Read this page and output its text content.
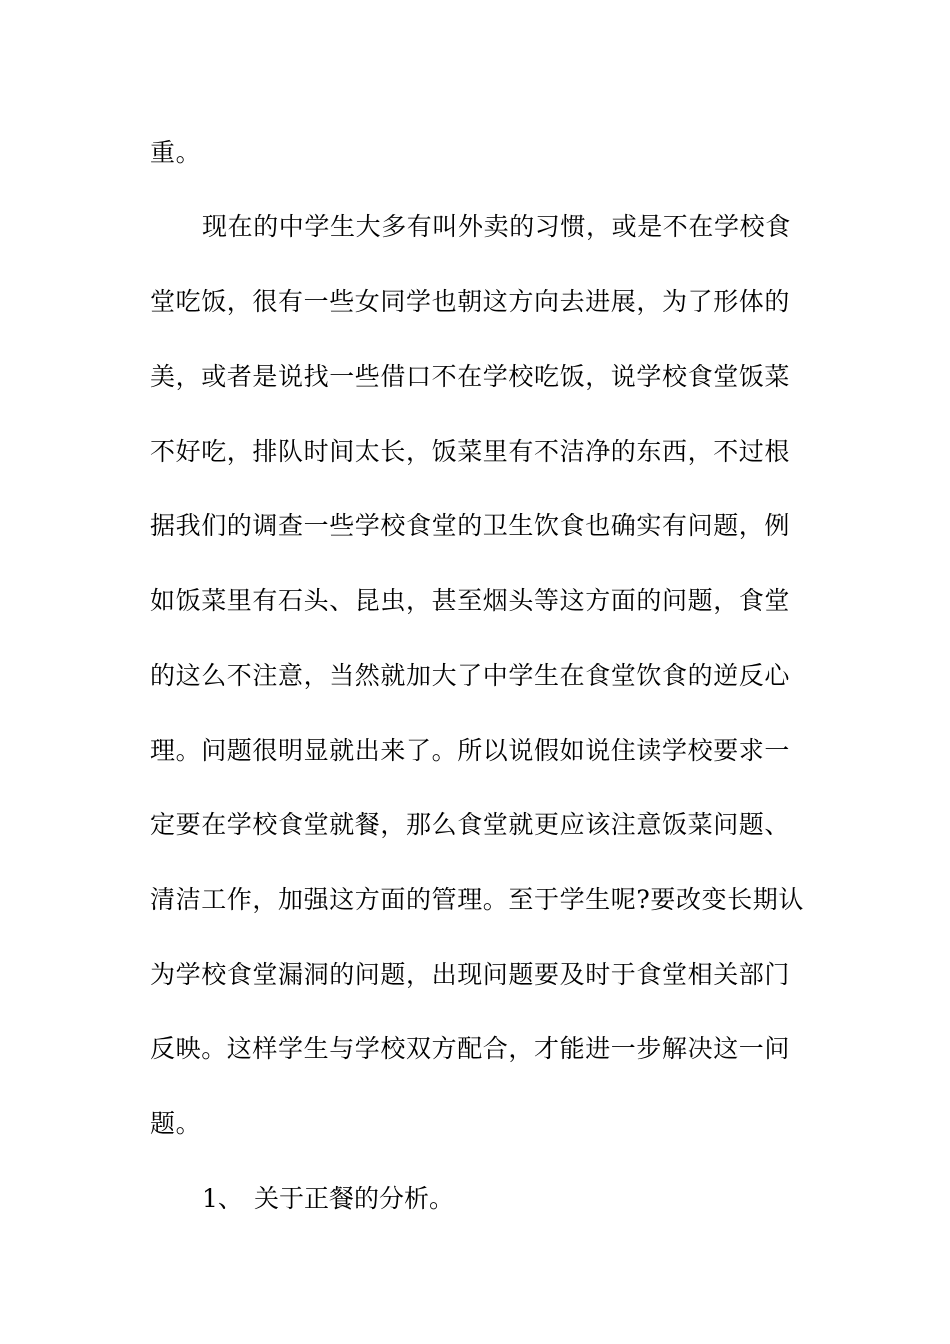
重。
现在的中学生大多有叫外卖的习惯，或是不在学校食
堂吃饭，很有一些女同学也朝这方向去进展，为了形体的
美，或者是说找一些借口不在学校吃饭，说学校食堂饭菜
不好吃，排队时间太长，饭菜里有不洁净的东西，不过根
据我们的调查一些学校食堂的卫生饮食也确实有问题，例
如饭菜里有石头、昆虫，甚至烟头等这方面的问题，食堂
的这么不注意，当然就加大了中学生在食堂饮食的逆反心
理。问题很明显就出来了。所以说假如说住读学校要求一
定要在学校食堂就餐，那么食堂就更应该注意饭菜问题、
清洁工作，加强这方面的管理。至于学生呢?要改变长期认
为学校食堂漏洞的问题，出现问题要及时于食堂相关部门
反映。这样学生与学校双方配合，才能进一步解决这一问
题。
1、 关于正餐的分析。
